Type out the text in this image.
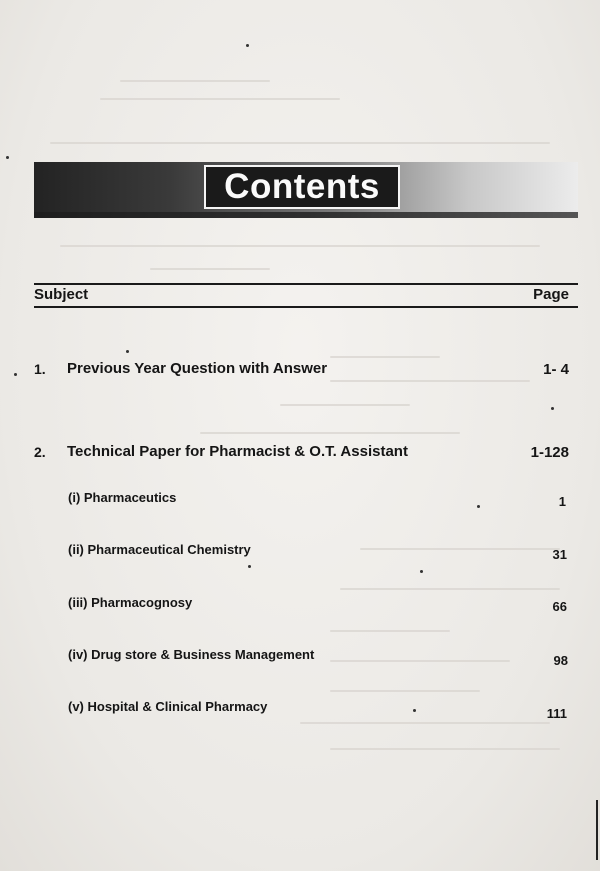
Contents
Subject	Page
1. Previous Year Question with Answer	1- 4
2. Technical Paper for Pharmacist & O.T. Assistant	1-128
(i) Pharmaceutics	1
(ii) Pharmaceutical Chemistry	31
(iii) Pharmacognosy	66
(iv) Drug store & Business Management	98
(v) Hospital & Clinical Pharmacy	111
